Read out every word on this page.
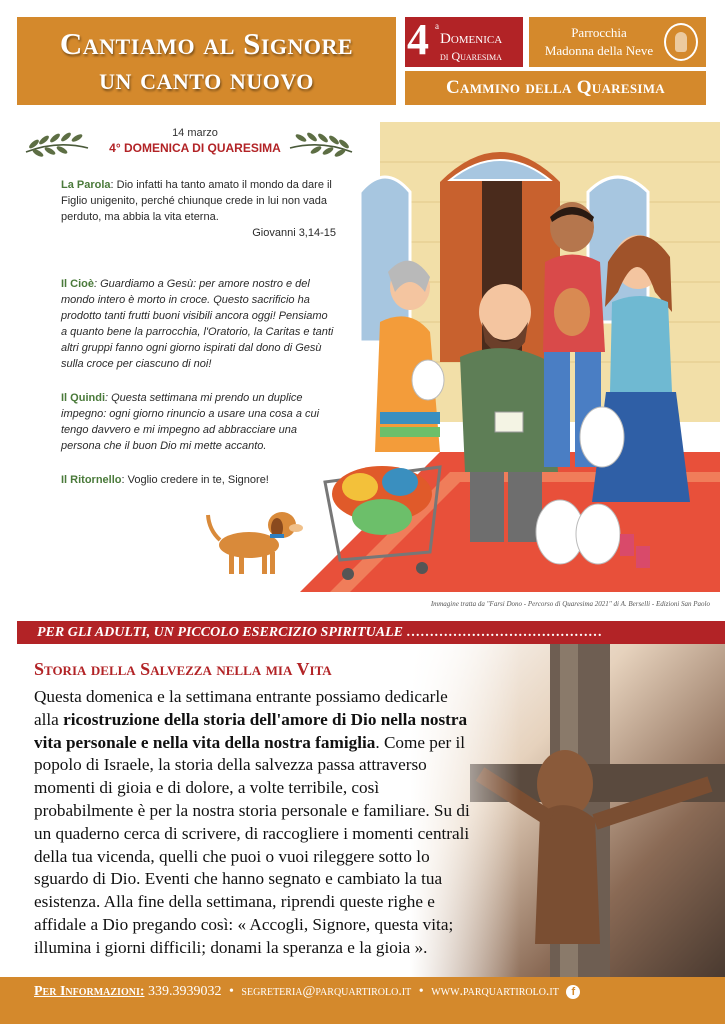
Cantiamo al Signore
un canto nuovo
4 a
Domenica
di Quaresima
Parrocchia
Madonna della Neve
Cammino della Quaresima
14 marzo
4° DOMENICA DI QUARESIMA
La Parola: Dio infatti ha tanto amato il mondo da dare il Figlio unigenito, perché chiunque crede in lui non vada perduto, ma abbia la vita eterna.
Giovanni 3,14-15
Il Cioè: Guardiamo a Gesù: per amore nostro e del mondo intero è morto in croce. Questo sacrificio ha prodotto tanti frutti buoni visibili ancora oggi! Pensiamo a quanto bene la parrocchia, l'Oratorio, la Caritas e tanti altri gruppi fanno ogni giorno ispirati dal dono di Gesù sulla croce per ciascuno di noi!
Il Quindi: Questa settimana mi prendo un duplice impegno: ogni giorno rinuncio a usare una cosa a cui tengo davvero e mi impegno ad abbracciare una persona che il buon Dio mi mette accanto.
Il Ritornello: Voglio credere in te, Signore!
Immagine tratta da "Farsi Dono - Percorso di Quaresima 2021" di A. Berselli - Edizioni San Paolo
PER GLI ADULTI, UN PICCOLO ESERCIZIO SPIRITUALE ……………………………………
Storia della Salvezza nella mia Vita
Questa domenica e la settimana entrante possiamo dedicarle alla ricostruzione della storia dell'amore di Dio nella nostra vita personale e nella vita della nostra famiglia. Come per il popolo di Israele, la storia della salvezza passa attraverso momenti di gioia e di dolore, a volte terribile, così probabilmente è per la nostra storia personale e familiare. Su di un quaderno cerca di scrivere, di raccogliere i momenti centrali della tua vicenda, quelli che puoi o vuoi rileggere sotto lo sguardo di Dio. Eventi che hanno segnato e cambiato la tua esistenza. Alla fine della settimana, riprendi queste righe e affidale a Dio pregando così: « Accogli, Signore, questa vita; illumina i giorni difficili; donami la speranza e la gioia ».
Per Informazioni: 339.3939032 • segreteria@parquartirolo.it • www.parquartirolo.it f
